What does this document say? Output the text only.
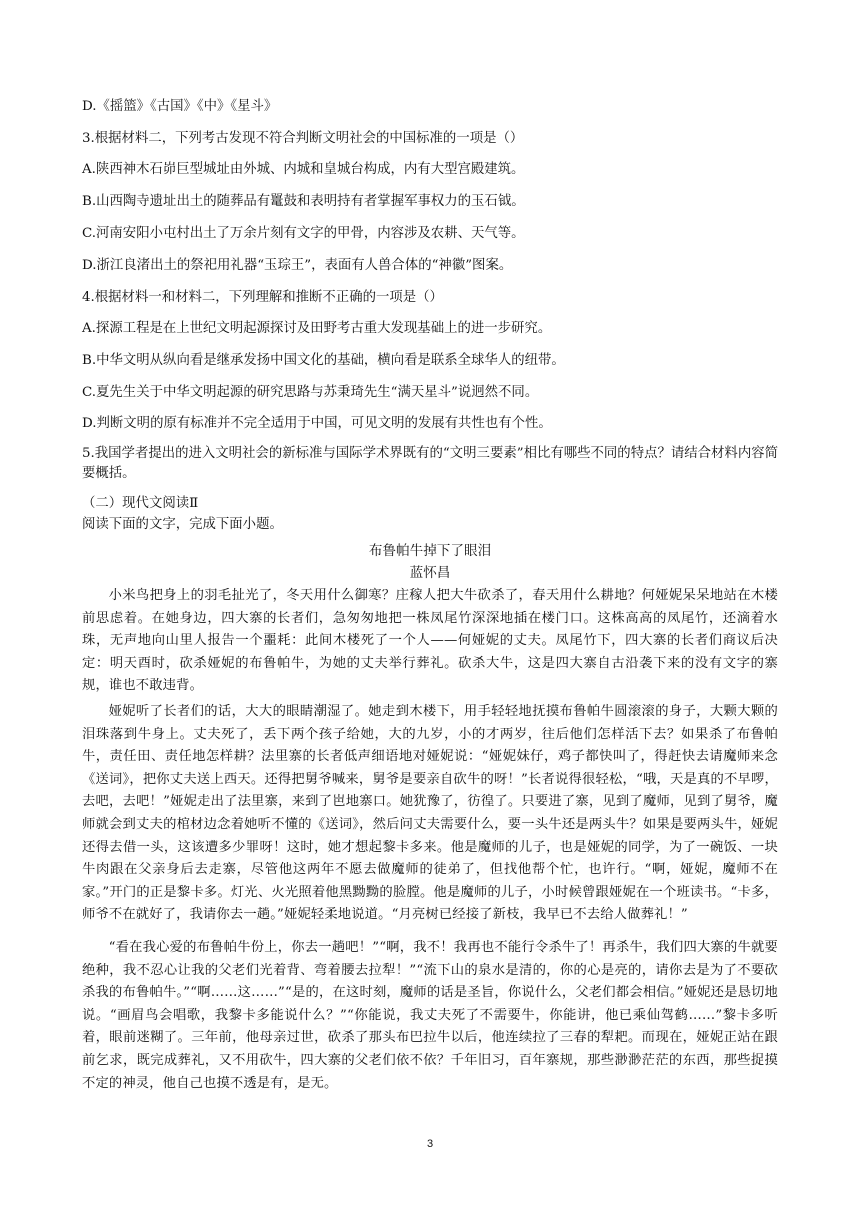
D.《摇篮》《古国》《中》《星斗》
3.根据材料二，下列考古发现不符合判断文明社会的中国标准的一项是（）
A.陕西神木石峁巨型城址由外城、内城和皇城台构成，内有大型宫殿建筑。
B.山西陶寺遗址出土的随葬品有鼍鼓和表明持有者掌握军事权力的玉石钺。
C.河南安阳小屯村出土了万余片刻有文字的甲骨，内容涉及农耕、天气等。
D.浙江良渚出土的祭祀用礼器“玉琮王”，表面有人兽合体的“神徽”图案。
4.根据材料一和材料二，下列理解和推断不正确的一项是（）
A.探源工程是在上世纪文明起源探讨及田野考古重大发现基础上的进一步研究。
B.中华文明从纵向看是继承发扬中国文化的基础，横向看是联系全球华人的纽带。
C.夏先生关于中华文明起源的研究思路与苏秉琦先生“满天星斗”说迥然不同。
D.判断文明的原有标准并不完全适用于中国，可见文明的发展有共性也有个性。
5.我国学者提出的进入文明社会的新标准与国际学术界既有的“文明三要素”相比有哪些不同的特点？请结合材料内容简要概括。
（二）现代文阅读Ⅱ
阅读下面的文字，完成下面小题。
布鲁帕牛掉下了眼泪
蓝怀昌
小米鸟把身上的羽毛扯光了，冬天用什么御寒？庄稼人把大牛砍杀了，春天用什么耕地？何娅妮呆呆地站在木楼前思虑着。在她身边，四大寨的长者们，急匆匆地把一株凤尾竹深深地插在楼门口。这株高高的凤尾竹，还滴着水珠，无声地向山里人报告一个噩耗：此间木楼死了一个人——何娅妮的丈夫。凤尾竹下，四大寨的长者们商议后决定：明天酉时，砍杀娅妮的布鲁帕牛，为她的丈夫举行葬礼。砍杀大牛，这是四大寨自古沿袭下来的没有文字的寨规，谁也不敢违背。
娅妮听了长者们的话，大大的眼睛潮湿了。她走到木楼下，用手轻轻地抚摸布鲁帕牛圆滚滚的身子，大颗大颗的泪珠落到牛身上。丈夫死了，丢下两个孩子给她，大的九岁，小的才两岁，往后他们怎样活下去？如果杀了布鲁帕牛，责任田、责任地怎样耕？法里寨的长者低声细语地对娅妮说：“娅妮妹仔，鸡子都快叫了，得赶快去请魔师来念《送词》，把你丈夫送上西天。还得把舅爷喊来，舅爷是要亲自砍牛的呀！”长者说得很轻松，“哦，天是真的不早啰，去吧，去吧！”娅妮走出了法里寨，来到了岜地寨口。她犹豫了，彷徨了。只要进了寨，见到了魔师，见到了舅爷，魔师就会到丈夫的棺材边念着她听不懂的《送词》，然后问丈夫需要什么，要一头牛还是两头牛？如果是要两头牛，娅妮还得去借一头，这该遭多少罪呀！这时，她才想起黎卡多来。他是魔师的儿子，也是娅妮的同学，为了一碗饭、一块牛肉跟在父亲身后去走寨，尽管他这两年不愿去做魔师的徒弟了，但找他帮个忙，也许行。“啊，娅妮，魔师不在家。”开门的正是黎卡多。灯光、火光照着他黑黝黝的脸膛。他是魔师的儿子，小时候曾跟娅妮在一个班读书。“卡多，师爷不在就好了，我请你去一趟。”娅妮轻柔地说道。“月亮树已经接了新枝，我早已不去给人做葬礼！”
“看在我心爱的布鲁帕牛份上，你去一趟吧！”“啊，我不！我再也不能行令杀牛了！再杀牛，我们四大寨的牛就要绝种，我不忍心让我的父老们光着背、弯着腰去拉犁！”“流下山的泉水是清的，你的心是亮的，请你去是为了不要砍杀我的布鲁帕牛。”“啊……这……”“是的，在这时刻，魔师的话是圣旨，你说什么，父老们都会相信。”娅妮还是恳切地说。“画眉鸟会唱歌，我黎卡多能说什么？”“你能说，我丈夫死了不需要牛，你能讲，他已乘仙驾鹤……”黎卡多听着，眼前迷糊了。三年前，他母亲过世，砍杀了那头布巴拉牛以后，他连续拉了三春的犁耙。而现在，娅妮正站在跟前乞求，既完成葬礼，又不用砍牛，四大寨的父老们依不依？千年旧习，百年寨规，那些渺渺茫茫的东西，那些捉摸不定的神灵，他自己也摸不透是有，是无。
3
